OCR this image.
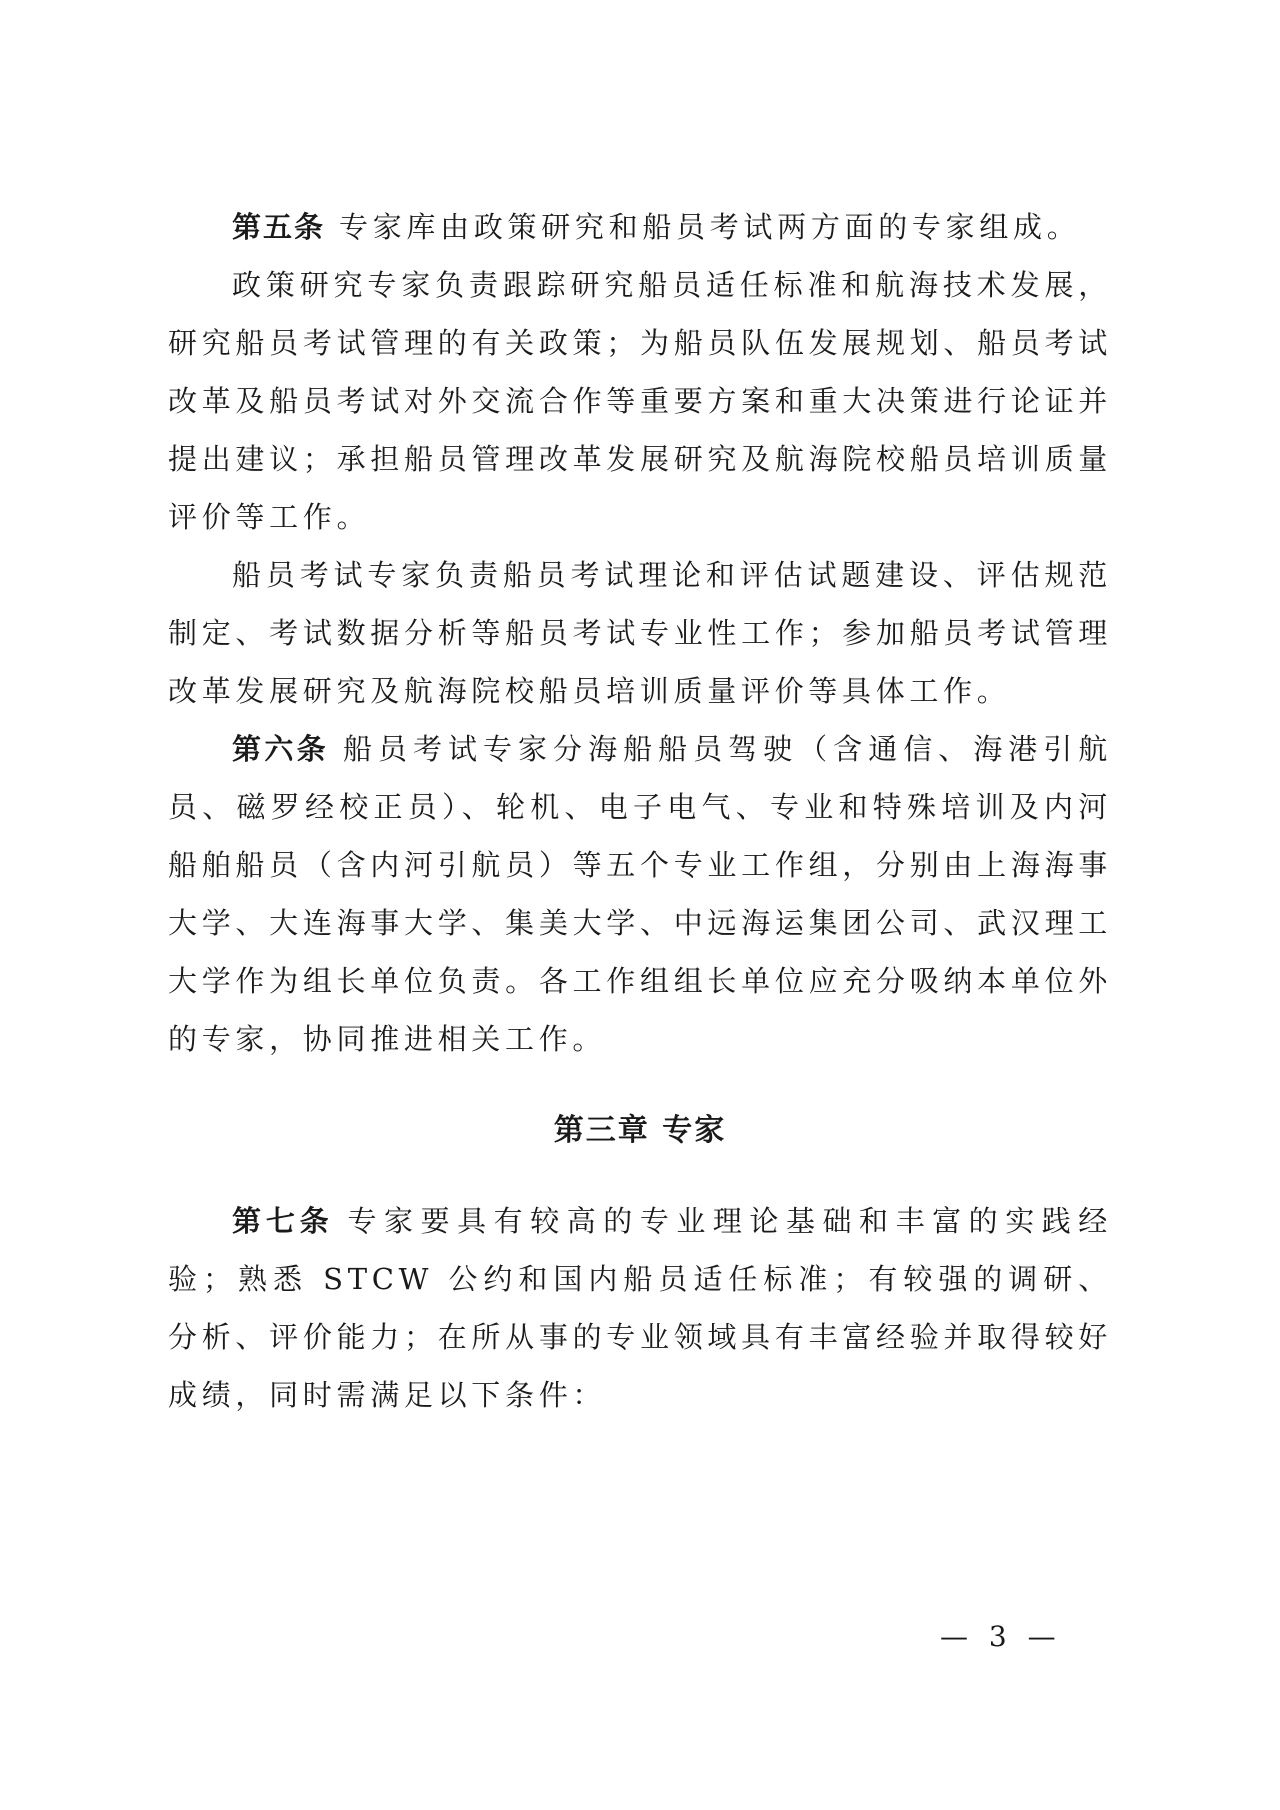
第五条 专家库由政策研究和船员考试两方面的专家组成。

政策研究专家负责跟踪研究船员适任标准和航海技术发展，研究船员考试管理的有关政策；为船员队伍发展规划、船员考试改革及船员考试对外交流合作等重要方案和重大决策进行论证并提出建议；承担船员管理改革发展研究及航海院校船员培训质量评价等工作。

船员考试专家负责船员考试理论和评估试题建设、评估规范制定、考试数据分析等船员考试专业性工作；参加船员考试管理改革发展研究及航海院校船员培训质量评价等具体工作。

第六条 船员考试专家分海船船员驾驶（含通信、海港引航员、磁罗经校正员）、轮机、电子电气、专业和特殊培训及内河船舶船员（含内河引航员）等五个专业工作组，分别由上海海事大学、大连海事大学、集美大学、中远海运集团公司、武汉理工大学作为组长单位负责。各工作组组长单位应充分吸纳本单位外的专家，协同推进相关工作。

第三章 专家

第七条 专家要具有较高的专业理论基础和丰富的实践经验；熟悉 STCW 公约和国内船员适任标准；有较强的调研、分析、评价能力；在所从事的专业领域具有丰富经验并取得较好成绩，同时需满足以下条件：

— 3 —
